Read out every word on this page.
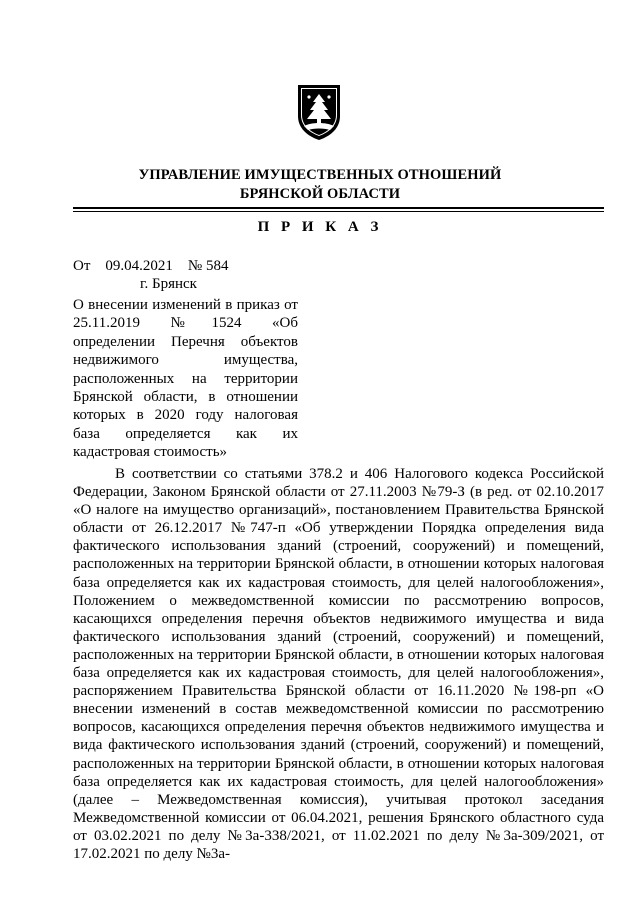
УПРАВЛЕНИЕ ИМУЩЕСТВЕННЫХ ОТНОШЕНИЙ
БРЯНСКОЙ ОБЛАСТИ
П Р И К А З
От 09.04.2021 № 584
г. Брянск
О внесении изменений в приказ от 25.11.2019 №1524 «Об определении Перечня объектов недвижимого имущества, расположенных на территории Брянской области, в отношении которых в 2020 году налоговая база определяется как их кадастровая стоимость»
В соответствии со статьями 378.2 и 406 Налогового кодекса Российской Федерации, Законом Брянской области от 27.11.2003 №79-З (в ред. от 02.10.2017 «О налоге на имущество организаций», постановлением Правительства Брянской области от 26.12.2017 №747-п «Об утверждении Порядка определения вида фактического использования зданий (строений, сооружений) и помещений, расположенных на территории Брянской области, в отношении которых налоговая база определяется как их кадастровая стоимость, для целей налогообложения», Положением о межведомственной комиссии по рассмотрению вопросов, касающихся определения перечня объектов недвижимого имущества и вида фактического использования зданий (строений, сооружений) и помещений, расположенных на территории Брянской области, в отношении которых налоговая база определяется как их кадастровая стоимость, для целей налогообложения», распоряжением Правительства Брянской области от 16.11.2020 №198-рп «О внесении изменений в состав межведомственной комиссии по рассмотрению вопросов, касающихся определения перечня объектов недвижимого имущества и вида фактического использования зданий (строений, сооружений) и помещений, расположенных на территории Брянской области, в отношении которых налоговая база определяется как их кадастровая стоимость, для целей налогообложения» (далее – Межведомственная комиссия), учитывая протокол заседания Межведомственной комиссии от 06.04.2021, решения Брянского областного суда от 03.02.2021 по делу №3а-338/2021, от 11.02.2021 по делу №3а-309/2021, от 17.02.2021 по делу №3а-
